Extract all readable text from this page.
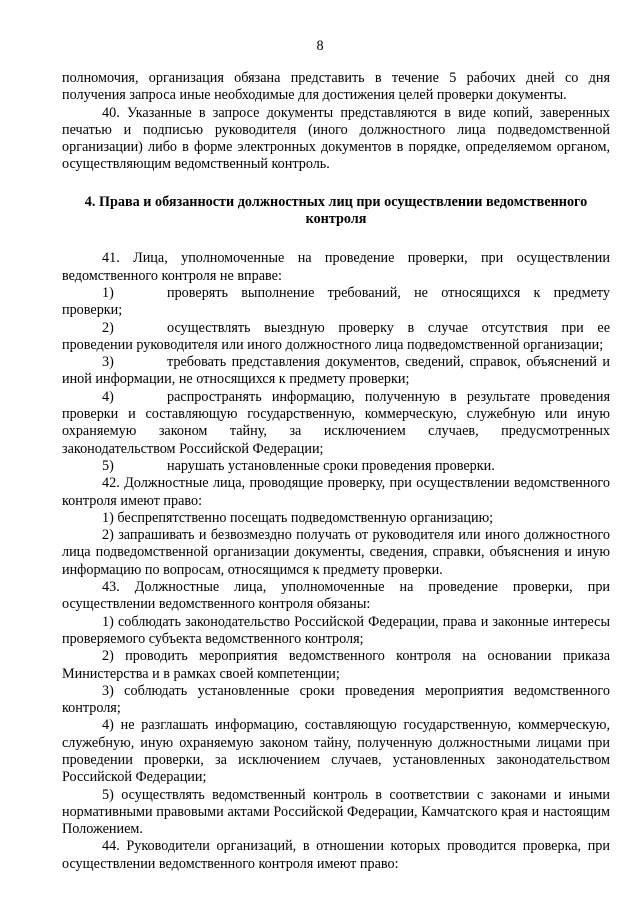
8

полномочия, организация обязана представить в течение 5 рабочих дней со дня получения запроса иные необходимые для достижения целей проверки документы.

40. Указанные в запросе документы представляются в виде копий, заверенных печатью и подписью руководителя (иного должностного лица подведомственной организации) либо в форме электронных документов в порядке, определяемом органом, осуществляющим ведомственный контроль.

4. Права и обязанности должностных лиц при осуществлении ведомственного контроля

41. Лица, уполномоченные на проведение проверки, при осуществлении ведомственного контроля не вправе:

1)	проверять выполнение требований, не относящихся к предмету проверки;

2)	осуществлять выездную проверку в случае отсутствия при ее проведении руководителя или иного должностного лица подведомственной организации;

3)	требовать представления документов, сведений, справок, объяснений и иной информации, не относящихся к предмету проверки;

4)	распространять информацию, полученную в результате проведения проверки и составляющую государственную, коммерческую, служебную или иную охраняемую законом тайну, за исключением случаев, предусмотренных законодательством Российской Федерации;

5)	нарушать установленные сроки проведения проверки.

42. Должностные лица, проводящие проверку, при осуществлении ведомственного контроля имеют право:

1) беспрепятственно посещать подведомственную организацию;

2) запрашивать и безвозмездно получать от руководителя или иного должностного лица подведомственной организации документы, сведения, справки, объяснения и иную информацию по вопросам, относящимся к предмету проверки.

43. Должностные лица, уполномоченные на проведение проверки, при осуществлении ведомственного контроля обязаны:

1) соблюдать законодательство Российской Федерации, права и законные интересы проверяемого субъекта ведомственного контроля;

2) проводить мероприятия ведомственного контроля на основании приказа Министерства и в рамках своей компетенции;

3) соблюдать установленные сроки проведения мероприятия ведомственного контроля;

4) не разглашать информацию, составляющую государственную, коммерческую, служебную, иную охраняемую законом тайну, полученную должностными лицами при проведении проверки, за исключением случаев, установленных законодательством Российской Федерации;

5) осуществлять ведомственный контроль в соответствии с законами и иными нормативными правовыми актами Российской Федерации, Камчатского края и настоящим Положением.

44. Руководители организаций, в отношении которых проводится проверка, при осуществлении ведомственного контроля имеют право:
